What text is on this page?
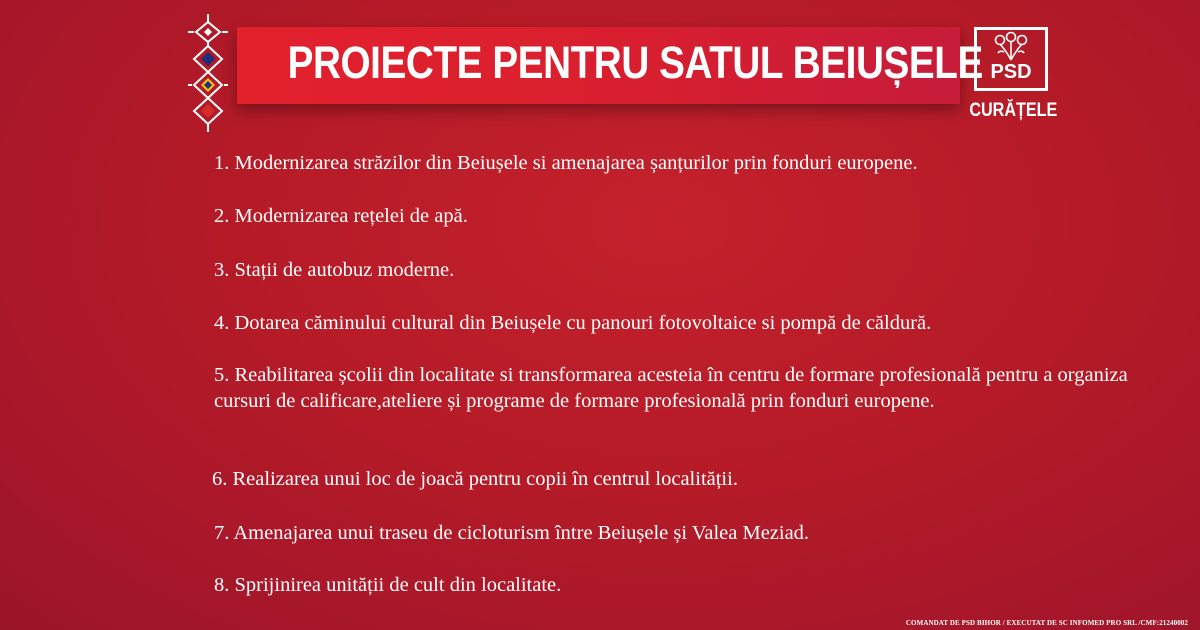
PROIECTE PENTRU SATUL BEIUȘELE PSD
CURĂȚELE
1. Modernizarea străzilor din Beiușele si amenajarea șanțurilor prin fonduri europene.
2. Modernizarea rețelei de apă.
3. Stații de autobuz moderne.
4. Dotarea căminului cultural din Beiușele cu panouri fotovoltaice si pompă de căldură.
5. Reabilitarea școlii din localitate si transformarea acesteia în centru de formare profesională pentru a organiza cursuri de calificare,ateliere și programe de formare profesională prin fonduri europene.
6. Realizarea unui loc de joacă pentru copii în centrul localității.
7. Amenajarea unui traseu de cicloturism între Beiușele și Valea Meziad.
8. Sprijinirea unității de cult din localitate.
COMANDAT DE PSD BIHOR / EXECUTAT DE SC INFOMED PRO SRL /CMF:21240002
